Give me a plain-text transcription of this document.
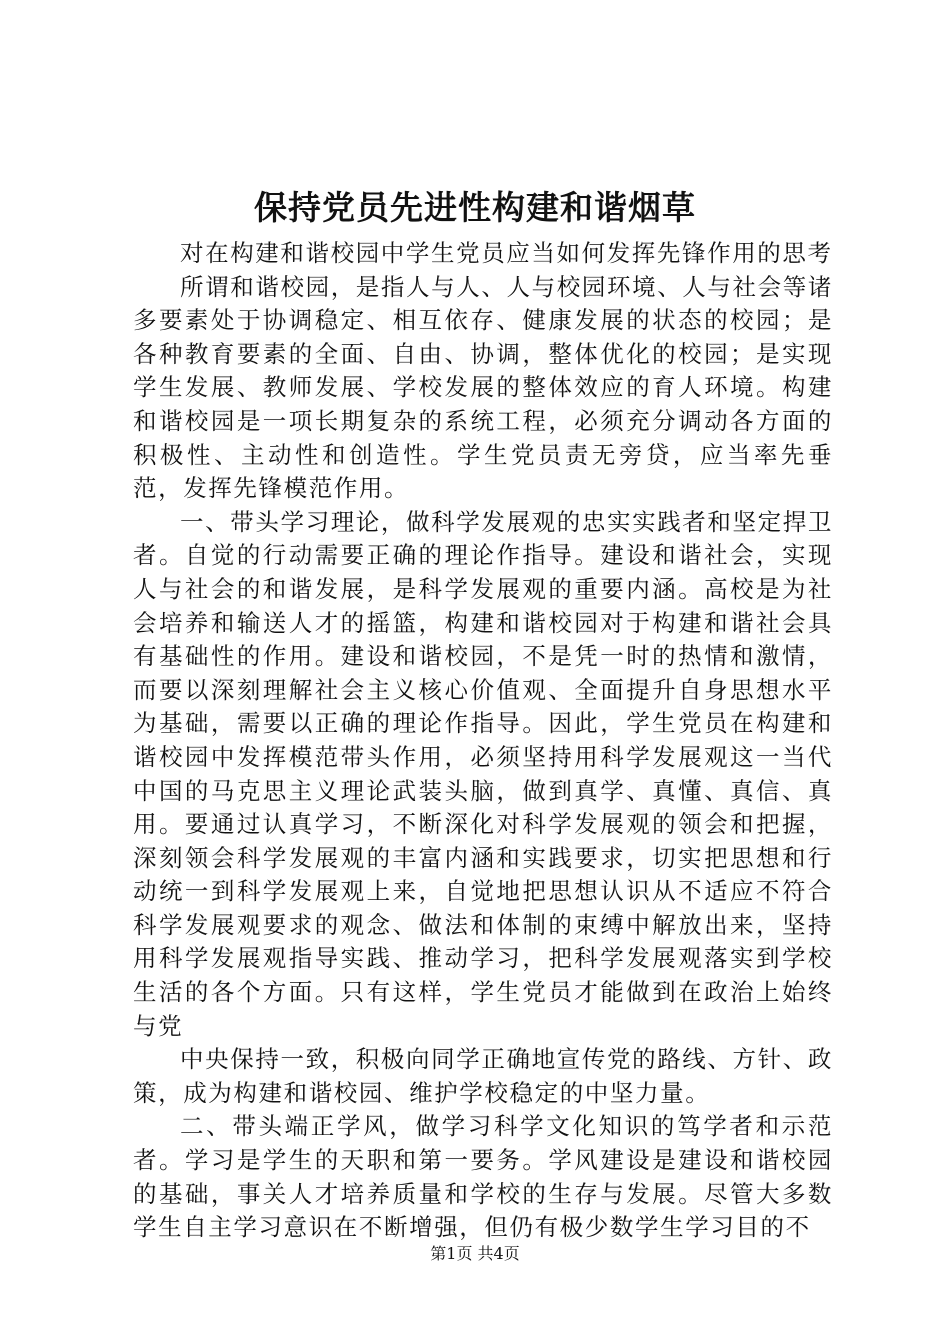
保持党员先进性构建和谐烟草

对在构建和谐校园中学生党员应当如何发挥先锋作用的思考

所谓和谐校园，是指人与人、人与校园环境、人与社会等诸多要素处于协调稳定、相互依存、健康发展的状态的校园；是各种教育要素的全面、自由、协调，整体优化的校园；是实现学生发展、教师发展、学校发展的整体效应的育人环境。构建和谐校园是一项长期复杂的系统工程，必须充分调动各方面的积极性、主动性和创造性。学生党员责无旁贷，应当率先垂范，发挥先锋模范作用。

一、带头学习理论，做科学发展观的忠实实践者和坚定捍卫者。自觉的行动需要正确的理论作指导。建设和谐社会，实现人与社会的和谐发展，是科学发展观的重要内涵。高校是为社会培养和输送人才的摇篮，构建和谐校园对于构建和谐社会具有基础性的作用。建设和谐校园，不是凭一时的热情和激情，而要以深刻理解社会主义核心价值观、全面提升自身思想水平为基础，需要以正确的理论作指导。因此，学生党员在构建和谐校园中发挥模范带头作用，必须坚持用科学发展观这一当代中国的马克思主义理论武装头脑，做到真学、真懂、真信、真用。要通过认真学习，不断深化对科学发展观的领会和把握，深刻领会科学发展观的丰富内涵和实践要求，切实把思想和行动统一到科学发展观上来，自觉地把思想认识从不适应不符合科学发展观要求的观念、做法和体制的束缚中解放出来，坚持用科学发展观指导实践、推动学习，把科学发展观落实到学校生活的各个方面。只有这样，学生党员才能做到在政治上始终与党

中央保持一致，积极向同学正确地宣传党的路线、方针、政策，成为构建和谐校园、维护学校稳定的中坚力量。

二、带头端正学风，做学习科学文化知识的笃学者和示范者。学习是学生的天职和第一要务。学风建设是建设和谐校园的基础，事关人才培养质量和学校的生存与发展。尽管大多数学生自主学习意识在不断增强，但仍有极少数学生学习目的不

第1页 共4页
